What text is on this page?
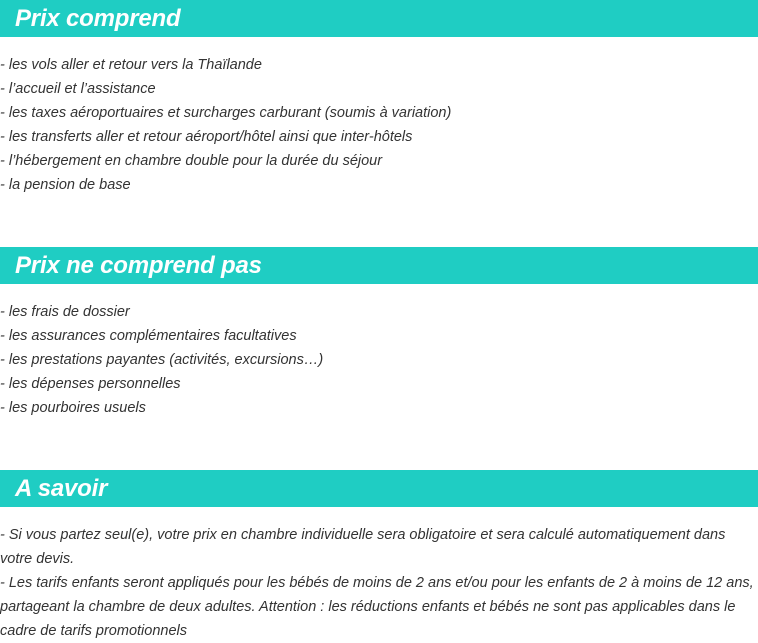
Prix comprend
- les vols aller et retour vers la Thaïlande
- l’accueil et l’assistance
- les taxes aéroportuaires et surcharges carburant (soumis à variation)
- les transferts aller et retour aéroport/hôtel ainsi que inter-hôtels
- l’hébergement en chambre double pour la durée du séjour
- la pension de base
Prix ne comprend pas
- les frais de dossier
- les assurances complémentaires facultatives
- les prestations payantes (activités, excursions…)
- les dépenses personnelles
- les pourboires usuels
A savoir
- Si vous partez seul(e), votre prix en chambre individuelle sera obligatoire et sera calculé automatiquement dans votre devis.
- Les tarifs enfants seront appliqués pour les bébés de moins de 2 ans et/ou pour les enfants de 2 à moins de 12 ans, partageant la chambre de deux adultes. Attention : les réductions enfants et bébés ne sont pas applicables dans le cadre de tarifs promotionnels
